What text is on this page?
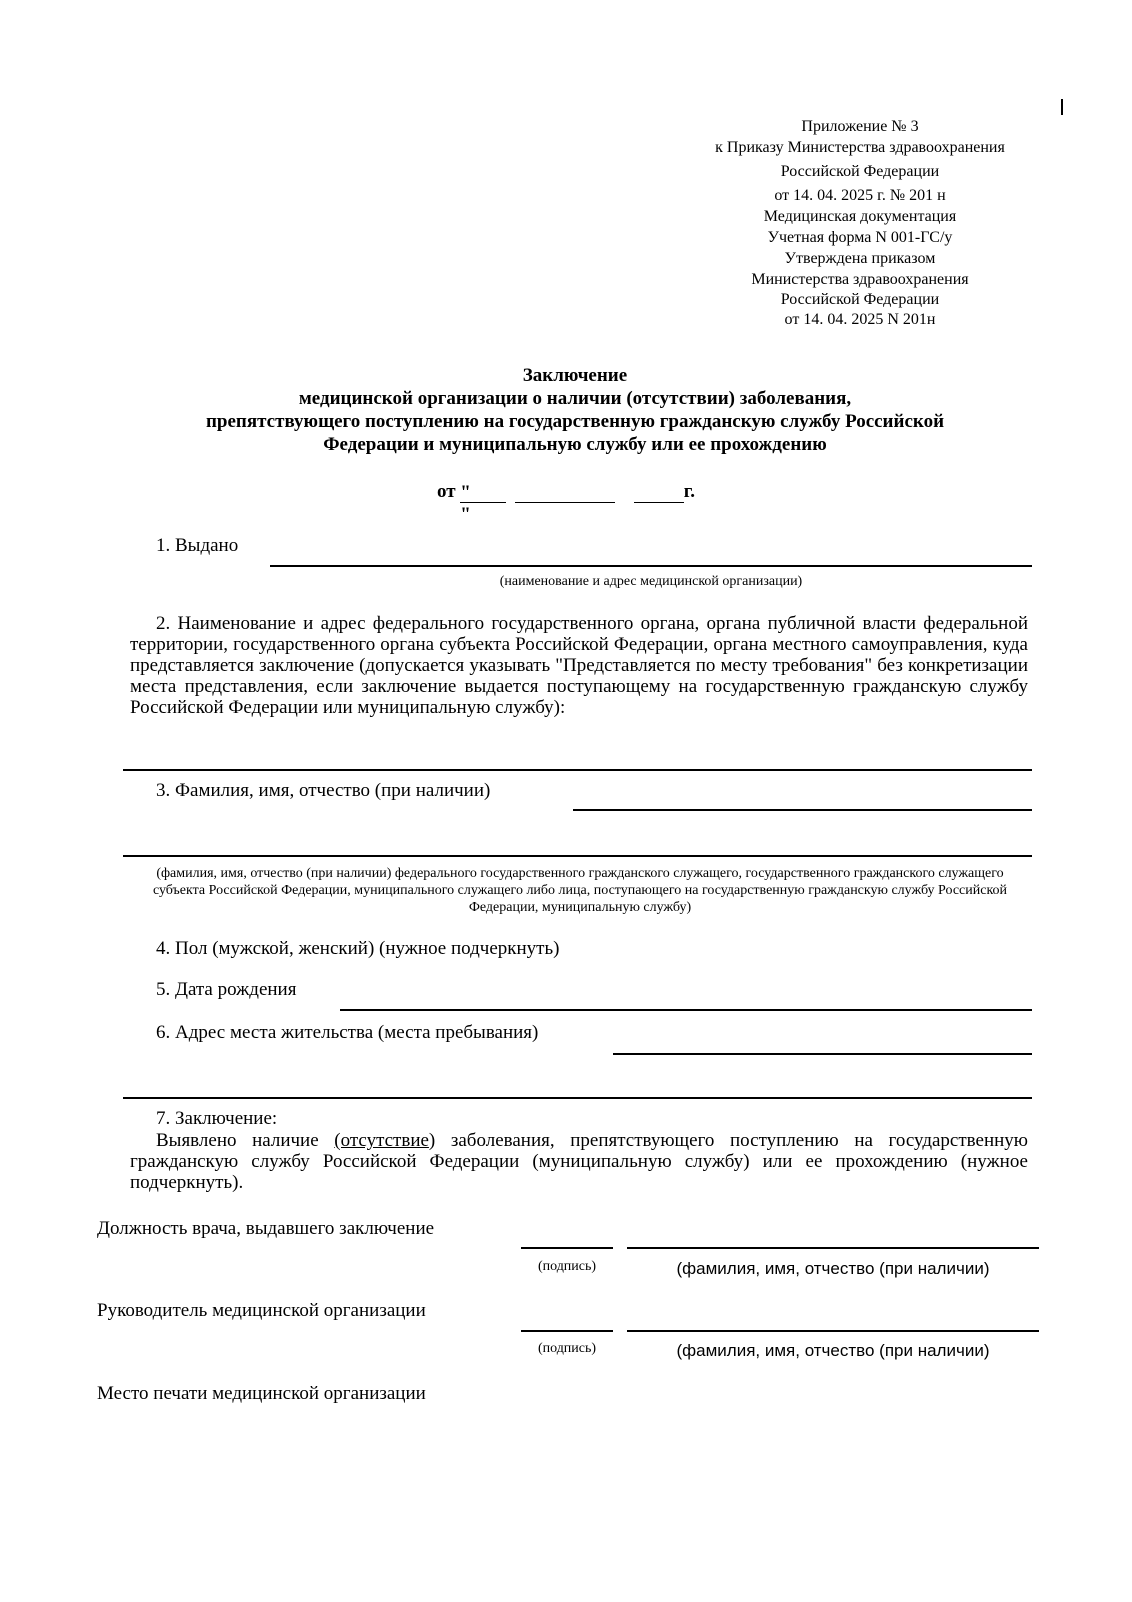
Приложение № 3
к Приказу Министерства здравоохранения
Российской Федерации
от 14. 04. 2025 г. № 201 н
Медицинская документация
Учетная форма N 001-ГС/у
Утверждена приказом
Министерства здравоохранения
Российской Федерации
от 14. 04. 2025 N 201н
Заключение
медицинской организации о наличии (отсутствии) заболевания,
препятствующего поступлению на государственную гражданскую службу Российской
Федерации и муниципальную службу или ее прохождению
от ""  г.
1. Выдано
(наименование и адрес медицинской организации)
2. Наименование и адрес федерального государственного органа, органа публичной власти федеральной территории, государственного органа субъекта Российской Федерации, органа местного самоуправления, куда представляется заключение (допускается указывать "Представляется по месту требования" без конкретизации места представления, если заключение выдается поступающему на государственную гражданскую службу Российской Федерации или муниципальную службу):
3. Фамилия, имя, отчество (при наличии)
(фамилия, имя, отчество (при наличии) федерального государственного гражданского служащего, государственного гражданского служащего субъекта Российской Федерации, муниципального служащего либо лица, поступающего на государственную гражданскую службу Российской Федерации, муниципальную службу)
4. Пол (мужской, женский) (нужное подчеркнуть)
5. Дата рождения
6. Адрес места жительства (места пребывания)
7. Заключение:
Выявлено наличие (отсутствие) заболевания, препятствующего поступлению на государственную гражданскую службу Российской Федерации (муниципальную службу) или ее прохождению (нужное подчеркнуть).
Должность врача, выдавшего заключение
(подпись)	(фамилия, имя, отчество (при наличии)
Руководитель медицинской организации
(подпись)	(фамилия, имя, отчество (при наличии)
Место печати медицинской организации
